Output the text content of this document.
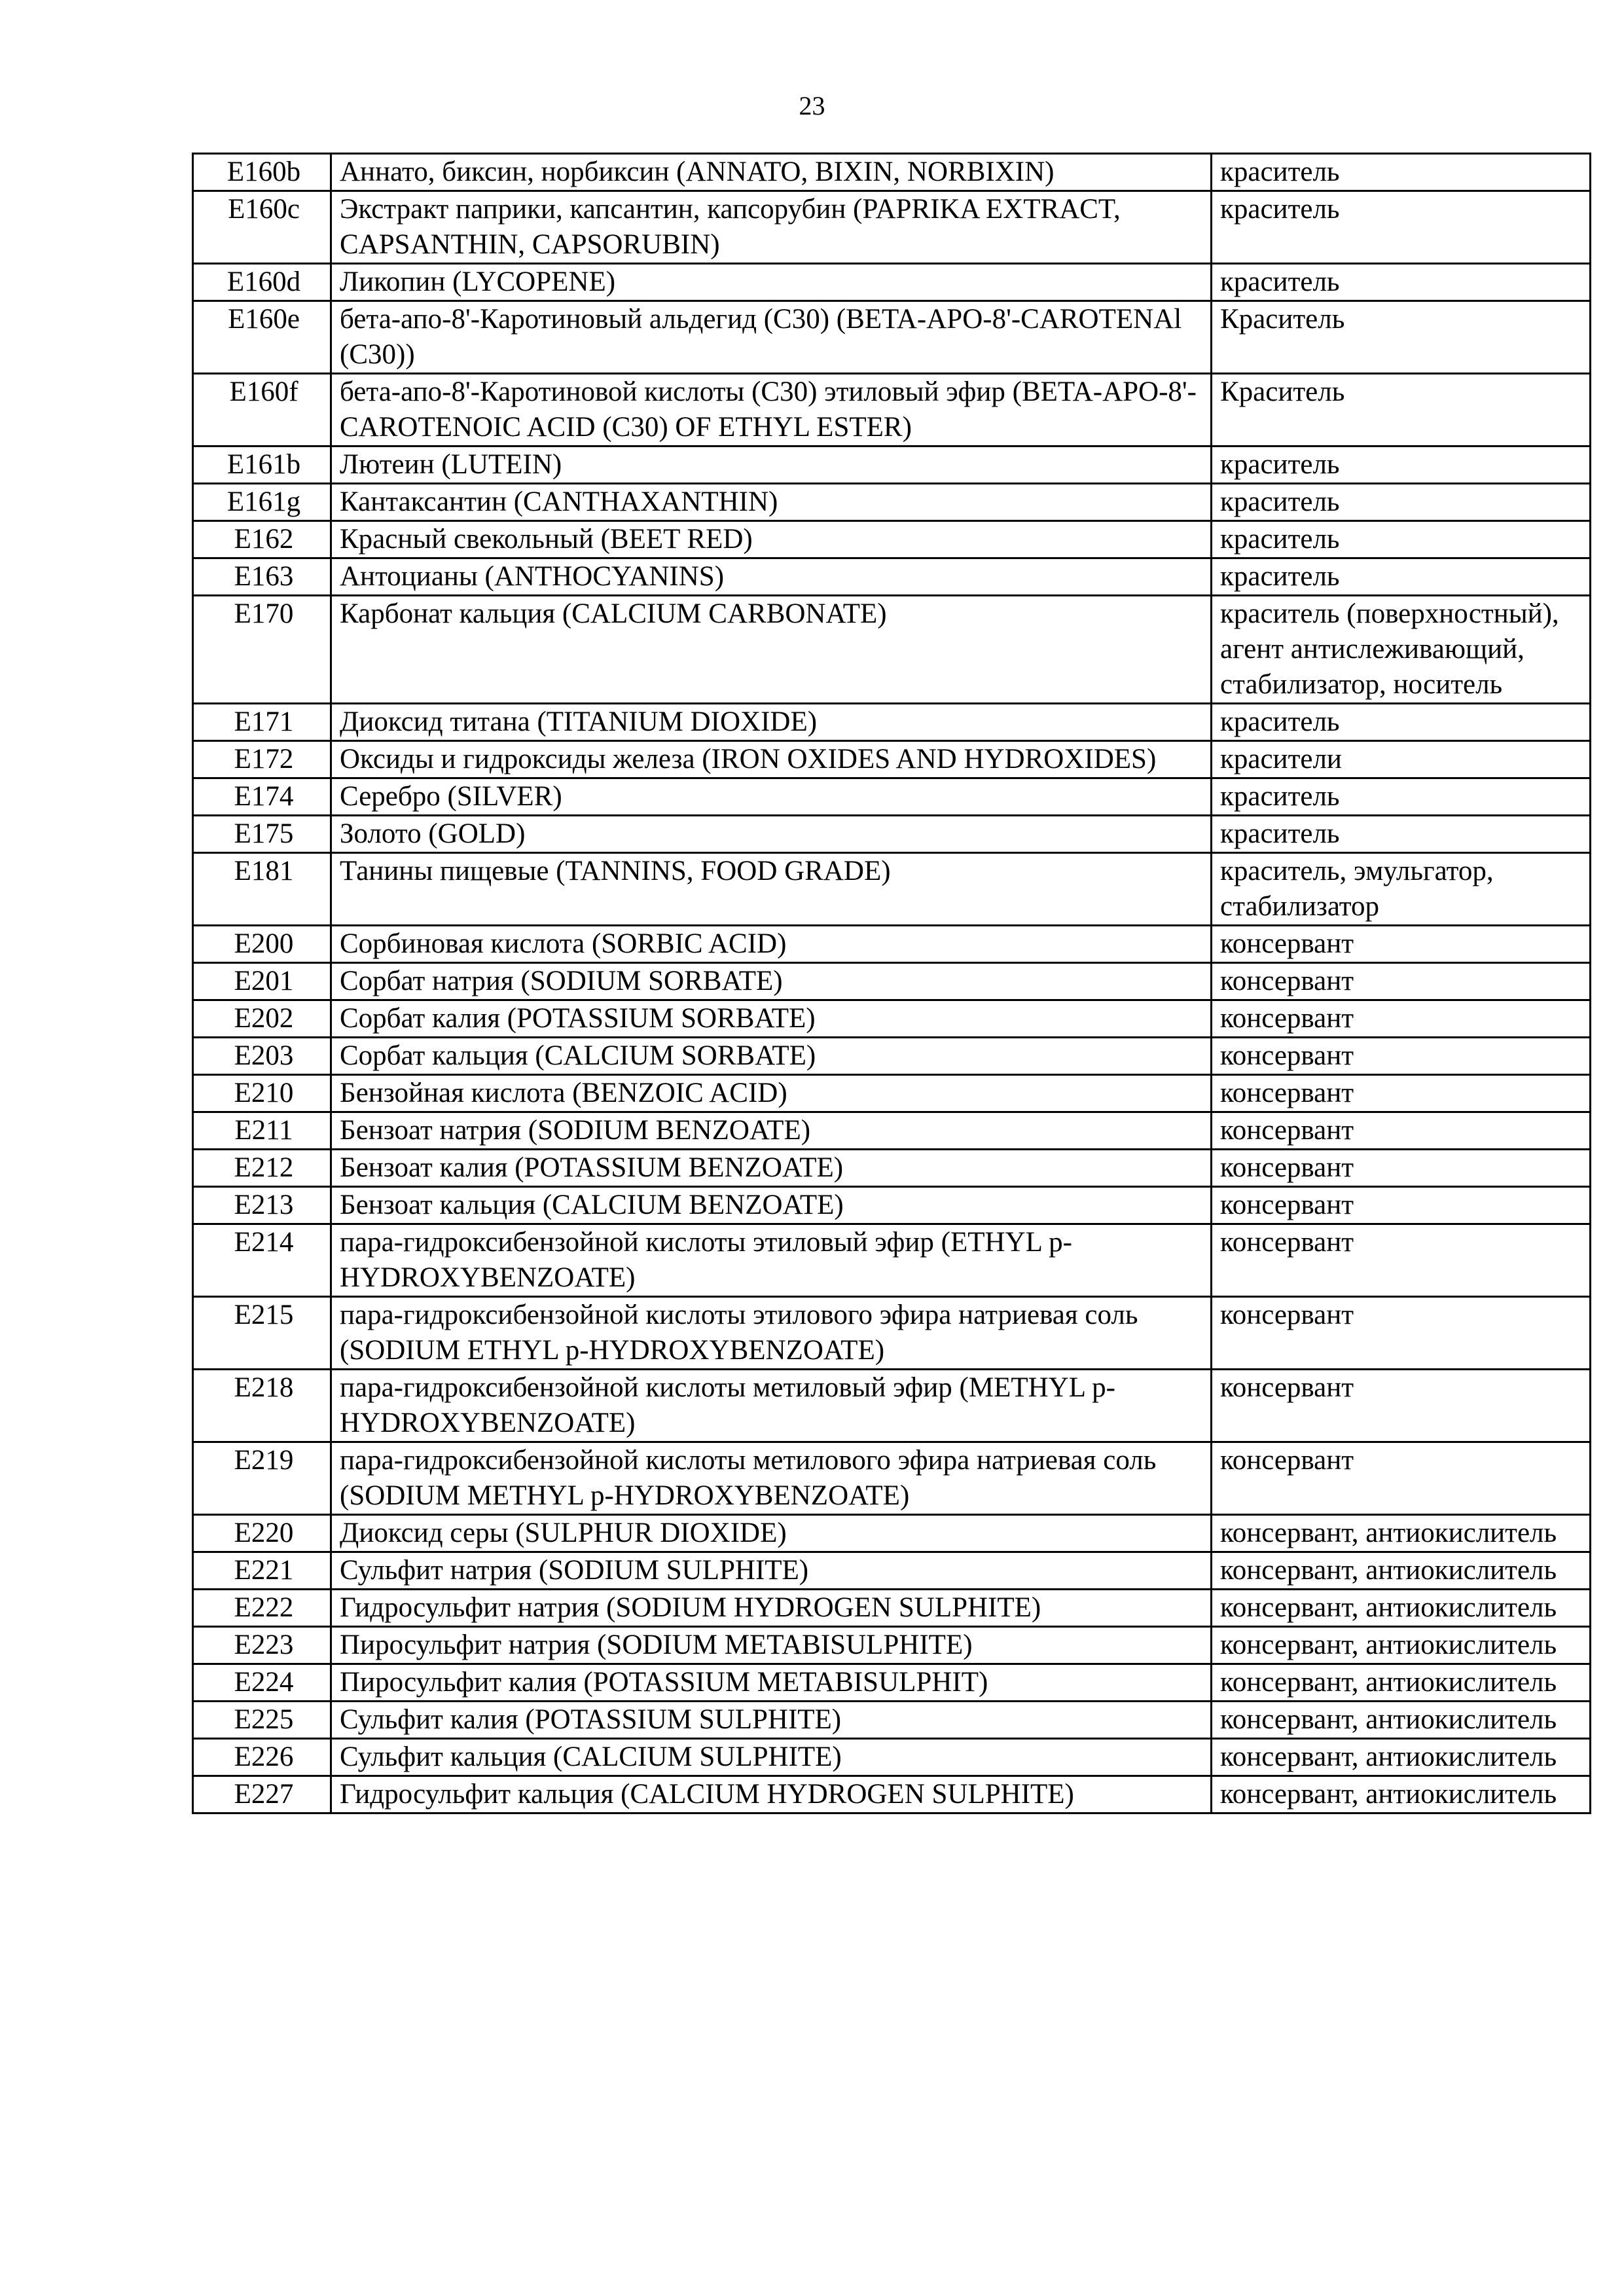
23
E160b	Аннато, биксин, норбиксин (ANNATO, BIXIN, NORBIXIN)	краситель
E160c	Экстракт паприки, капсантин, капсорубин (PAPRIKA EXTRACT, CAPSANTHIN, CAPSORUBIN)	краситель
E160d	Ликопин (LYCOPENE)	краситель
E160e	бета-апо-8'-Каротиновый альдегид (C30) (BETA-APO-8'-CAROTENAl (C30))	Краситель
E160f	бета-апо-8'-Каротиновой кислоты (C30) этиловый эфир (BETA-APO-8'-CAROTENOIC ACID (C30) OF ETHYL ESTER)	Краситель
E161b	Лютеин (LUTEIN)	краситель
E161g	Кантаксантин (CANTHAXANTHIN)	краситель
E162	Красный свекольный (BEET RED)	краситель
E163	Антоцианы (ANTHOCYANINS)	краситель
E170	Карбонат кальция (CALCIUM CARBONATE)	краситель (поверхностный), агент антислеживающий, стабилизатор, носитель
E171	Диоксид титана (TITANIUM DIOXIDE)	краситель
E172	Оксиды и гидроксиды железа (IRON OXIDES AND HYDROXIDES)	красители
E174	Серебро (SILVER)	краситель
E175	Золото (GOLD)	краситель
E181	Танины пищевые (TANNINS, FOOD GRADE)	краситель, эмульгатор, стабилизатор
E200	Сорбиновая кислота (SORBIC ACID)	консервант
E201	Сорбат натрия (SODIUM SORBATE)	консервант
E202	Сорбат калия (POTASSIUM SORBATE)	консервант
E203	Сорбат кальция (CALCIUM SORBATE)	консервант
E210	Бензойная кислота (BENZOIC ACID)	консервант
E211	Бензоат натрия (SODIUM BENZOATE)	консервант
E212	Бензоат калия (POTASSIUM BENZOATE)	консервант
E213	Бензоат кальция (CALCIUM BENZOATE)	консервант
E214	пара-гидроксибензойной кислоты этиловый эфир (ETHYL p-HYDROXYBENZOATE)	консервант
E215	пара-гидроксибензойной кислоты этилового эфира натриевая соль (SODIUM ETHYL p-HYDROXYBENZOATE)	консервант
E218	пара-гидроксибензойной кислоты метиловый эфир (METHYL p-HYDROXYBENZOATE)	консервант
E219	пара-гидроксибензойной кислоты метилового эфира натриевая соль (SODIUM METHYL p-HYDROXYBENZOATE)	консервант
E220	Диоксид серы (SULPHUR DIOXIDE)	консервант, антиокислитель
E221	Сульфит натрия (SODIUM SULPHITE)	консервант, антиокислитель
E222	Гидросульфит натрия (SODIUM HYDROGEN SULPHITE)	консервант, антиокислитель
E223	Пиросульфит натрия (SODIUM METABISULPHITE)	консервант, антиокислитель
E224	Пиросульфит калия (POTASSIUM METABISULPHIT)	консервант, антиокислитель
E225	Сульфит калия (POTASSIUM SULPHITE)	консервант, антиокислитель
E226	Сульфит кальция (CALCIUM SULPHITE)	консервант, антиокислитель
E227	Гидросульфит кальция (CALCIUM HYDROGEN SULPHITE)	консервант, антиокислитель
